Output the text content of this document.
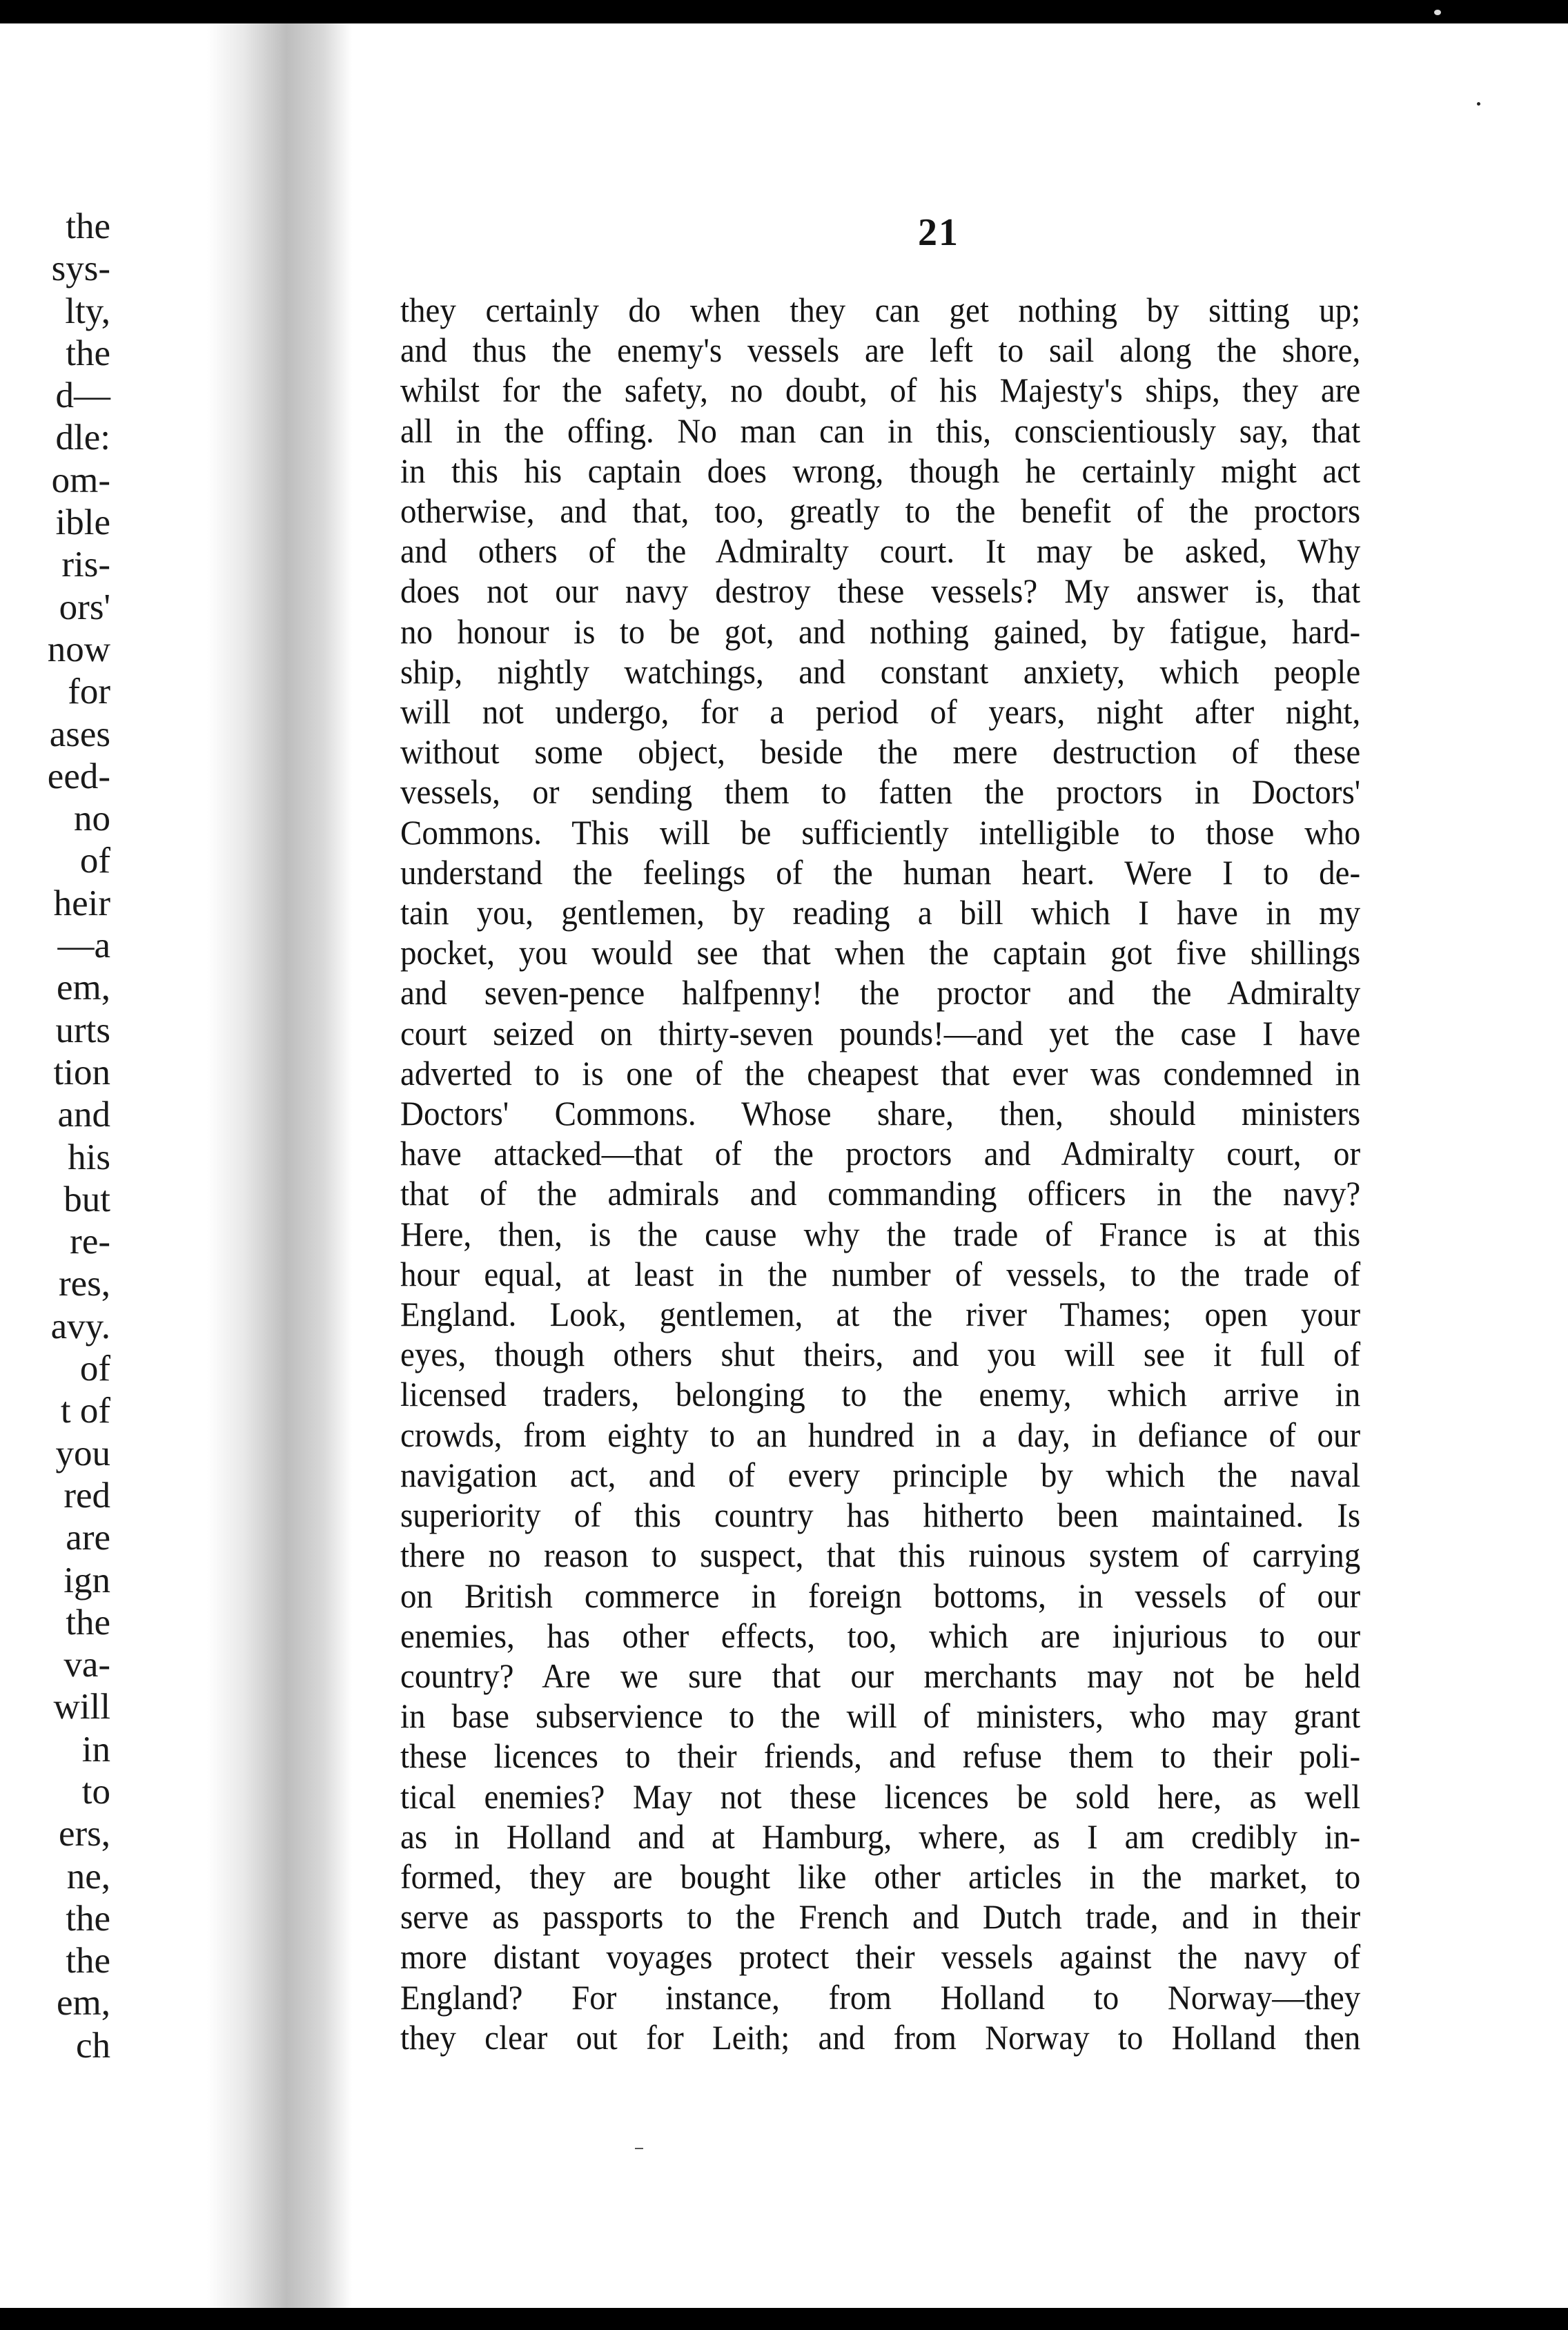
the
sys-
lty,
the
d—
dle:
om-
ible
ris-
ors'
now
for
ases
eed-
no
of
heir
—a
em,
urts
tion
and
his
but
re-
res,
avy.
of
t of
you
red
are
ign
the
va-
will
in
to
ers,
ne,
the
the
em,
ch
21
they certainly do when they can get nothing by sitting up;
and thus the enemy's vessels are left to sail along the shore,
whilst for the safety, no doubt, of his Majesty's ships, they are
all in the offing. No man can in this, conscientiously say, that
in this his captain does wrong, though he certainly might act
otherwise, and that, too, greatly to the benefit of the proctors
and others of the Admiralty court. It may be asked, Why
does not our navy destroy these vessels? My answer is, that
no honour is to be got, and nothing gained, by fatigue, hard-
ship, nightly watchings, and constant anxiety, which people
will not undergo, for a period of years, night after night,
without some object, beside the mere destruction of these
vessels, or sending them to fatten the proctors in Doctors'
Commons. This will be sufficiently intelligible to those who
understand the feelings of the human heart. Were I to de-
tain you, gentlemen, by reading a bill which I have in my
pocket, you would see that when the captain got five shillings
and seven-pence halfpenny! the proctor and the Admiralty
court seized on thirty-seven pounds!—and yet the case I have
adverted to is one of the cheapest that ever was condemned in
Doctors' Commons. Whose share, then, should ministers
have attacked—that of the proctors and Admiralty court, or
that of the admirals and commanding officers in the navy?
Here, then, is the cause why the trade of France is at this
hour equal, at least in the number of vessels, to the trade of
England. Look, gentlemen, at the river Thames; open your
eyes, though others shut theirs, and you will see it full of
licensed traders, belonging to the enemy, which arrive in
crowds, from eighty to an hundred in a day, in defiance of our
navigation act, and of every principle by which the naval
superiority of this country has hitherto been maintained. Is
there no reason to suspect, that this ruinous system of carrying
on British commerce in foreign bottoms, in vessels of our
enemies, has other effects, too, which are injurious to our
country? Are we sure that our merchants may not be held
in base subservience to the will of ministers, who may grant
these licences to their friends, and refuse them to their poli-
tical enemies? May not these licences be sold here, as well
as in Holland and at Hamburg, where, as I am credibly in-
formed, they are bought like other articles in the market, to
serve as passports to the French and Dutch trade, and in their
more distant voyages protect their vessels against the navy of
England? For instance, from Holland to Norway—they
they clear out for Leith; and from Norway to Holland then
